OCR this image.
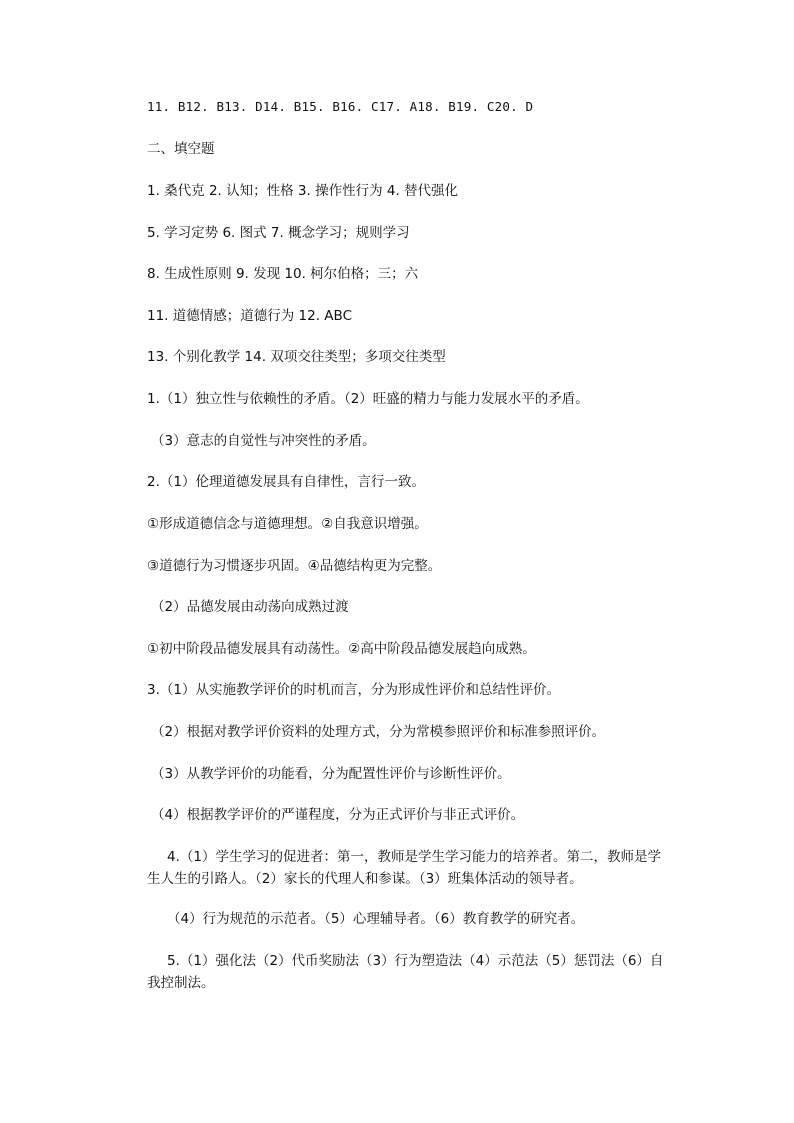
11. B12. B13. D14. B15. B16. C17. A18. B19. C20. D
二、填空题
1. 桑代克 2. 认知；性格 3. 操作性行为 4. 替代强化
5. 学习定势 6. 图式 7. 概念学习；规则学习
8. 生成性原则 9. 发现 10. 柯尔伯格；三；六
11. 道德情感；道德行为 12. ABC
13. 个别化教学 14. 双项交往类型；多项交往类型
1.（1）独立性与依赖性的矛盾。（2）旺盛的精力与能力发展水平的矛盾。
（3）意志的自觉性与冲突性的矛盾。
2.（1）伦理道德发展具有自律性，言行一致。
①形成道德信念与道德理想。②自我意识增强。
③道德行为习惯逐步巩固。④品德结构更为完整。
（2）品德发展由动荡向成熟过渡
①初中阶段品德发展具有动荡性。②高中阶段品德发展趋向成熟。
3.（1）从实施教学评价的时机而言，分为形成性评价和总结性评价。
（2）根据对教学评价资料的处理方式，分为常模参照评价和标准参照评价。
（3）从教学评价的功能看，分为配置性评价与诊断性评价。
（4）根据教学评价的严谨程度，分为正式评价与非正式评价。
4.（1）学生学习的促进者：第一，教师是学生学习能力的培养者。第二，教师是学生人生的引路人。（2）家长的代理人和参谋。（3）班集体活动的领导者。
（4）行为规范的示范者。（5）心理辅导者。（6）教育教学的研究者。
5.（1）强化法（2）代币奖励法（3）行为塑造法（4）示范法（5）惩罚法（6）自我控制法。
